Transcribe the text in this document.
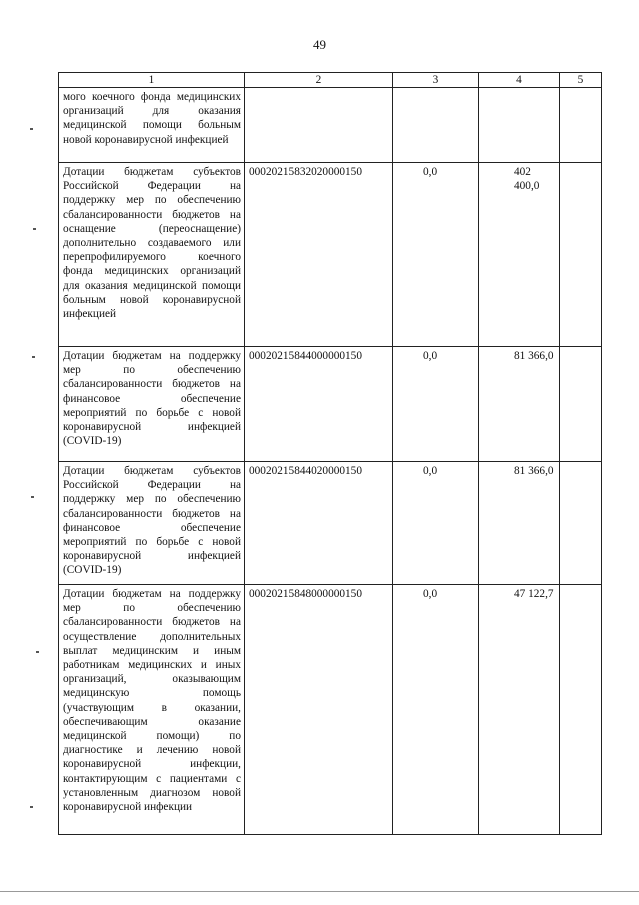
49
1	2	3	4	5
мого коечного фонда медицинских организаций для оказания медицинской помощи больным новой коронавирусной инфекцией				
Дотации бюджетам субъектов Российской Федерации на поддержку мер по обеспечению сбалансированности бюджетов на оснащение (переоснащение) дополнительно создаваемого или перепрофилируемого коечного фонда медицинских организаций для оказания медицинской помощи больным новой коронавирусной инфекцией	00020215832020000150	0,0	402 400,0	
Дотации бюджетам на поддержку мер по обеспечению сбалансированности бюджетов на финансовое обеспечение мероприятий по борьбе с новой коронавирусной инфекцией (COVID-19)	00020215844000000150	0,0	81 366,0	
Дотации бюджетам субъектов Российской Федерации на поддержку мер по обеспечению сбалансированности бюджетов на финансовое обеспечение мероприятий по борьбе с новой коронавирусной инфекцией (COVID-19)	00020215844020000150	0,0	81 366,0	
Дотации бюджетам на поддержку мер по обеспечению сбалансированности бюджетов на осуществление дополнительных выплат медицинским и иным работникам медицинских и иных организаций, оказывающим медицинскую помощь (участвующим в оказании, обеспечивающим оказание медицинской помощи) по диагностике и лечению новой коронавирусной инфекции, контактирующим с пациентами с установленным диагнозом новой коронавирусной инфекции	00020215848000000150	0,0	47 122,7	
